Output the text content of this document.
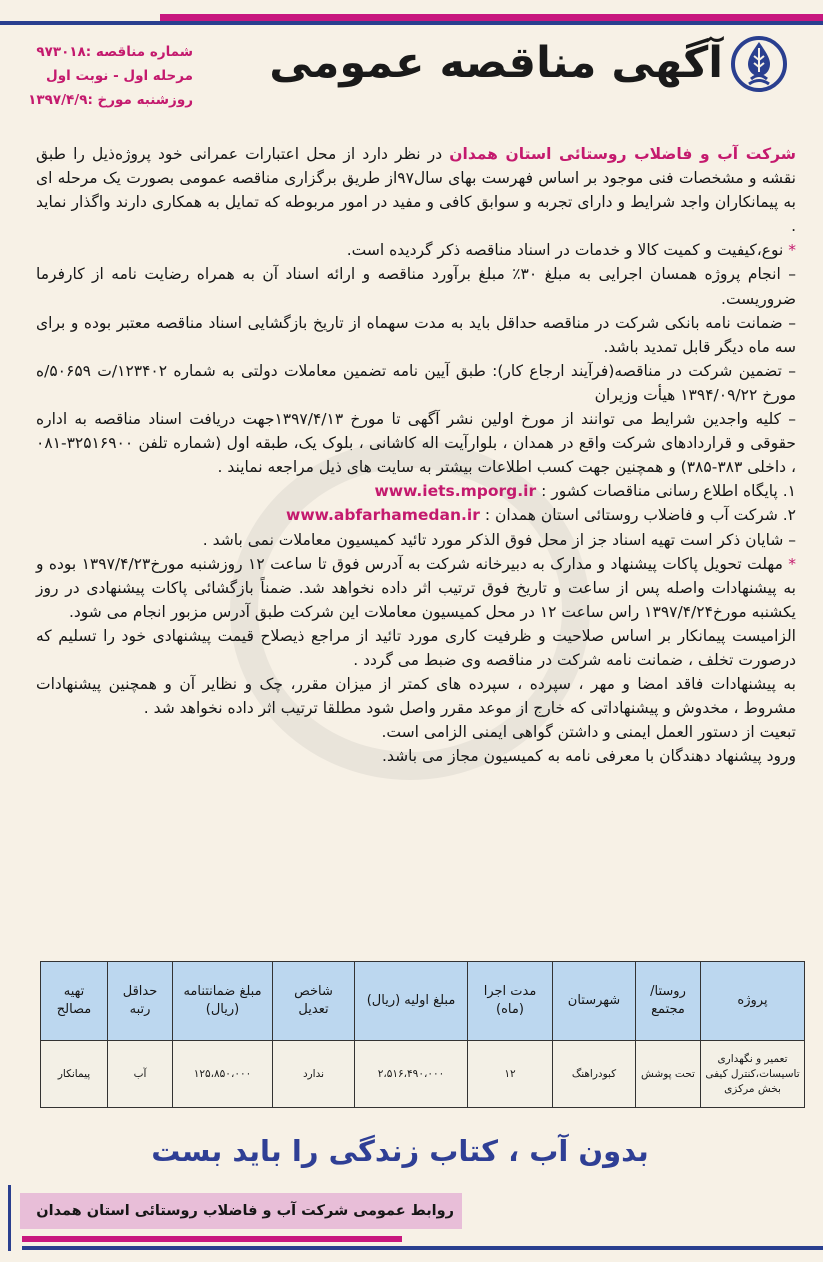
آگهی مناقصه عمومی
شماره مناقصه :۹۷۳۰۱۸
مرحله اول - نوبت اول
روزشنبه مورخ :۱۳۹۷/۴/۹

شرکت آب و فاضلاب روستائی استان همدان در نظر دارد از محل اعتبارات عمرانی خود پروژه‌ذیل را طبق نقشه و مشخصات فنی موجود بر اساس فهرست بهای سال۹۷از طریق برگزاری مناقصه عمومی بصورت یک مرحله ای به پیمانکاران واجد شرایط و دارای تجربه و سوابق کافی و مفید در امور مربوطه که تمایل به همکاری دارند واگذار نماید .

* نوع،کیفیت و کمیت کالا و خدمات در اسناد مناقصه ذکر گردیده است.

– انجام پروژه همسان اجرایی به مبلغ ۳۰٪ مبلغ برآورد مناقصه و ارائه اسناد آن به همراه رضایت نامه از کارفرما ضروریست.

– ضمانت نامه بانکی شرکت در مناقصه حداقل باید به مدت سهماه از تاریخ بازگشایی اسناد مناقصه معتبر بوده و برای سه ماه دیگر قابل تمدید باشد.

– تضمین شرکت در مناقصه(فرآیند ارجاع کار): طبق آیین نامه تضمین معاملات دولتی به شماره ۱۲۳۴۰۲/ت ۵۰۶۵۹/ه مورخ ۱۳۹۴/۰۹/۲۲ هیأت وزیران

– کلیه واجدین شرایط می توانند از مورخ اولین نشر آگهی تا مورخ ۱۳۹۷/۴/۱۳جهت دریافت اسناد مناقصه به اداره حقوقی و قراردادهای شرکت واقع در همدان ، بلوارآیت اله کاشانی ، بلوک یک، طبقه اول (شماره تلفن ۳۲۵۱۶۹۰۰-۰۸۱ ، داخلی ۳۸۳-۳۸۵) و همچنین جهت کسب اطلاعات بیشتر به سایت های ذیل مراجعه نمایند .

۱. پایگاه اطلاع رسانی مناقصات کشور : www.iets.mporg.ir

۲. شرکت آب و فاضلاب روستائی استان همدان : www.abfarhamedan.ir

– شایان ذکر است تهیه اسناد جز از محل فوق الذکر مورد تائید کمیسیون معاملات نمی باشد .

* مهلت تحویل پاکات پیشنهاد و مدارک به دبیرخانه شرکت به آدرس فوق تا ساعت ۱۲ روزشنبه مورخ۱۳۹۷/۴/۲۳ بوده و به پیشنهادات واصله پس از ساعت و تاریخ فوق ترتیب اثر داده نخواهد شد. ضمناً بازگشائی پاکات پیشنهادی در روز یکشنبه مورخ۱۳۹۷/۴/۲۴ راس ساعت ۱۲ در محل کمیسیون معاملات این شرکت طبق آدرس مزبور انجام می شود.

الزامیست پیمانکار بر اساس صلاحیت و ظرفیت کاری مورد تائید از مراجع ذیصلاح قیمت پیشنهادی خود را تسلیم که درصورت تخلف ، ضمانت نامه شرکت در مناقصه وی ضبط می گردد .

به پیشنهادات فاقد امضا و مهر ، سپرده ، سپرده های کمتر از میزان مقرر، چک و نظایر آن و همچنین پیشنهادات مشروط ، مخدوش و پیشنهاداتی که خارج از موعد مقرر واصل شود مطلقا ترتیب اثر داده نخواهد شد .

تبعیت از دستور العمل ایمنی و داشتن گواهی ایمنی الزامی است.

ورود پیشنهاد دهندگان با معرفی نامه به کمیسیون مجاز می باشد.

پروژه	روستا/ مجتمع	شهرستان	مدت اجرا (ماه)	مبلغ اولیه (ریال)	شاخص تعدیل	مبلغ ضمانتنامه (ریال)	حداقل رتبه	تهیه مصالح
تعمیر و نگهداری تاسیسات،کنترل کیفی بخش مرکزی	تحت پوشش	کبودراهنگ	۱۲	۲،۵۱۶،۴۹۰،۰۰۰	ندارد	۱۲۵،۸۵۰،۰۰۰	آب	پیمانکار
بدون آب ، کتاب زندگی را باید بست
روابط عمومی شرکت آب و فاضلاب روستائی استان همدان
